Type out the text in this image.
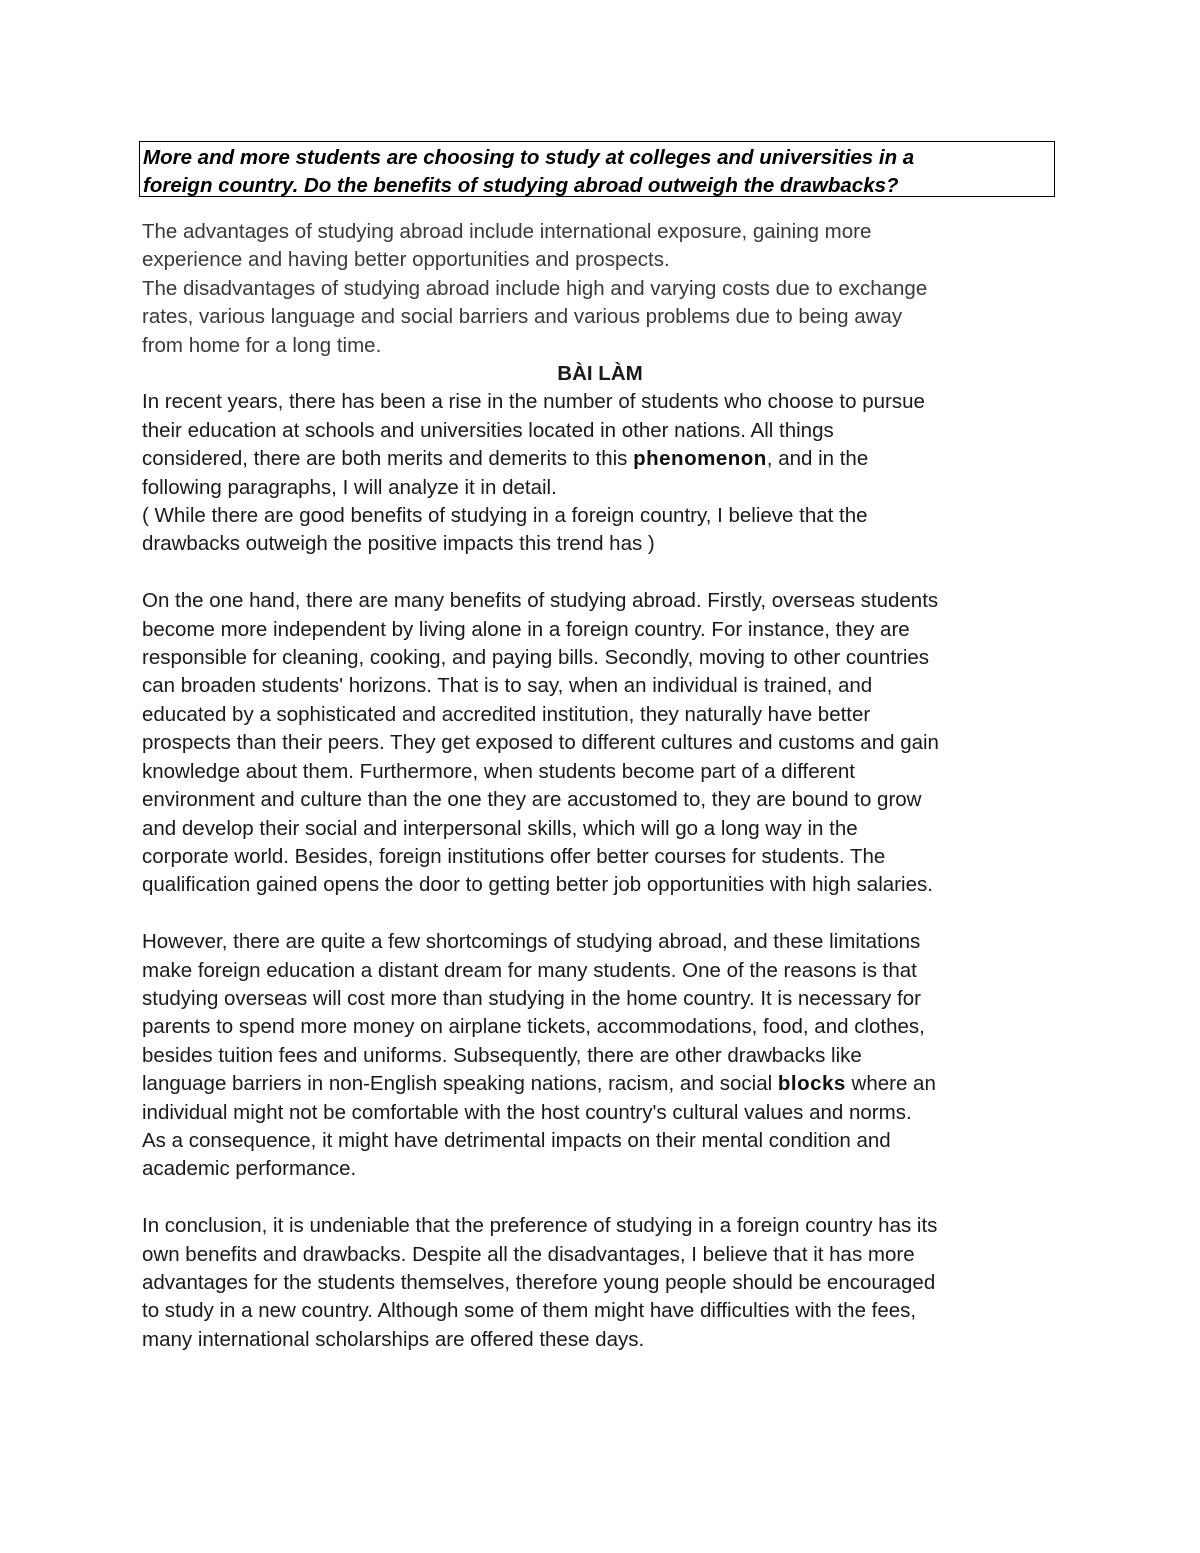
More and more students are choosing to study at colleges and universities in a

foreign country. Do the benefits of studying abroad outweigh the drawbacks?

The advantages of studying abroad include international exposure, gaining more
experience and having better opportunities and prospects.
The disadvantages of studying abroad include high and varying costs due to exchange
rates, various language and social barriers and various problems due to being away
from home for a long time.

BÀI LÀM

In recent years, there has been a rise in the number of students who choose to pursue
their education at schools and universities located in other nations. All things
considered, there are both merits and demerits to this phenomenon, and in the
following paragraphs, I will analyze it in detail.
( While there are good benefits of studying in a foreign country, I believe that the
drawbacks outweigh the positive impacts this trend has )
On the one hand, there are many benefits of studying abroad. Firstly, overseas students
become more independent by living alone in a foreign country. For instance, they are
responsible for cleaning, cooking, and paying bills. Secondly, moving to other countries
can broaden students' horizons. That is to say, when an individual is trained, and
educated by a sophisticated and accredited institution, they naturally have better
prospects than their peers. They get exposed to different cultures and customs and gain
knowledge about them. Furthermore, when students become part of a different
environment and culture than the one they are accustomed to, they are bound to grow
and develop their social and interpersonal skills, which will go a long way in the
corporate world. Besides, foreign institutions offer better courses for students. The
qualification gained opens the door to getting better job opportunities with high salaries.
However, there are quite a few shortcomings of studying abroad, and these limitations
make foreign education a distant dream for many students. One of the reasons is that
studying overseas will cost more than studying in the home country. It is necessary for
parents to spend more money on airplane tickets, accommodations, food, and clothes,
besides tuition fees and uniforms. Subsequently, there are other drawbacks like
language barriers in non-English speaking nations, racism, and social blocks where an
individual might not be comfortable with the host country's cultural values and norms.
As a consequence, it might have detrimental impacts on their mental condition and
academic performance.
In conclusion, it is undeniable that the preference of studying in a foreign country has its
own benefits and drawbacks. Despite all the disadvantages, I believe that it has more
advantages for the students themselves, therefore young people should be encouraged
to study in a new country. Although some of them might have difficulties with the fees,
many international scholarships are offered these days.
